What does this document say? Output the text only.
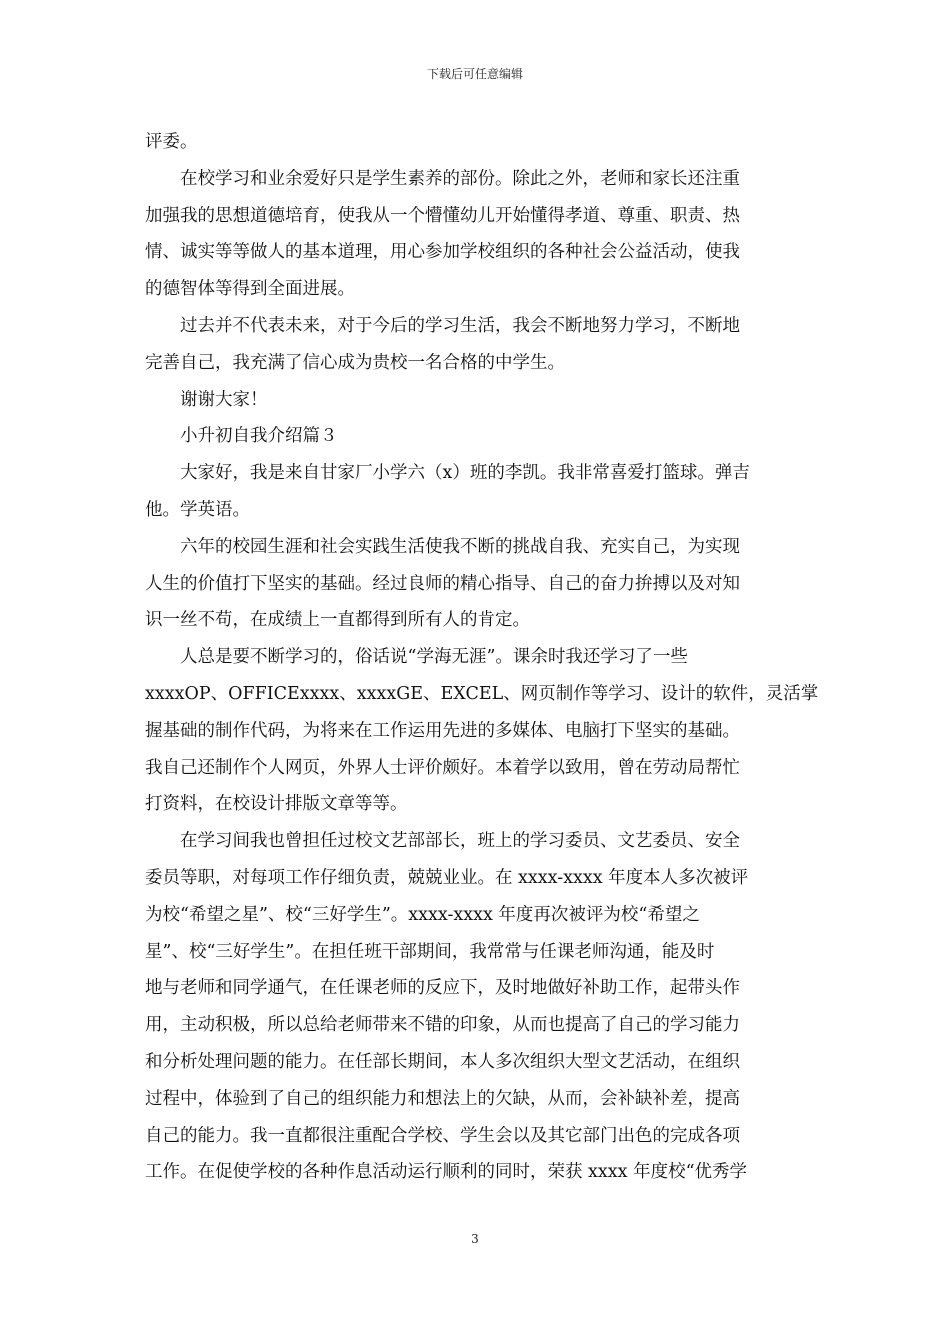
下载后可任意编辑

评委。

在校学习和业余爱好只是学生素养的部份。除此之外，老师和家长还注重
加强我的思想道德培育，使我从一个懵懂幼儿开始懂得孝道、尊重、职责、热
情、诚实等等做人的基本道理，用心参加学校组织的各种社会公益活动，使我
的德智体等得到全面进展。

过去并不代表未来，对于今后的学习生活，我会不断地努力学习，不断地
完善自己，我充满了信心成为贵校一名合格的中学生。

谢谢大家！

小升初自我介绍篇３

大家好，我是来自甘家厂小学六（x）班的李凯。我非常喜爱打篮球。弹吉
他。学英语。

六年的校园生涯和社会实践生活使我不断的挑战自我、充实自己，为实现
人生的价值打下坚实的基础。经过良师的精心指导、自己的奋力拚搏以及对知
识一丝不苟，在成绩上一直都得到所有人的肯定。

人总是要不断学习的，俗话说“学海无涯”。课余时我还学习了一些
xxxxOP、OFFICExxxx、xxxxGE、EXCEL、网页制作等学习、设计的软件，灵活掌
握基础的制作代码，为将来在工作运用先进的多媒体、电脑打下坚实的基础。
我自己还制作个人网页，外界人士评价颇好。本着学以致用，曾在劳动局帮忙
打资料，在校设计排版文章等等。

在学习间我也曾担任过校文艺部部长，班上的学习委员、文艺委员、安全
委员等职，对每项工作仔细负责，兢兢业业。在 xxxx-xxxx 年度本人多次被评
为校“希望之星”、校“三好学生”。xxxx-xxxx 年度再次被评为校“希望之
星”、校“三好学生”。在担任班干部期间，我常常与任课老师沟通，能及时
地与老师和同学通气，在任课老师的反应下，及时地做好补助工作，起带头作
用，主动积极，所以总给老师带来不错的印象，从而也提高了自己的学习能力
和分析处理问题的能力。在任部长期间，本人多次组织大型文艺活动，在组织
过程中，体验到了自己的组织能力和想法上的欠缺，从而，会补缺补差，提高
自己的能力。我一直都很注重配合学校、学生会以及其它部门出色的完成各项
工作。在促使学校的各种作息活动运行顺利的同时，荣获 xxxx 年度校“优秀学

3
